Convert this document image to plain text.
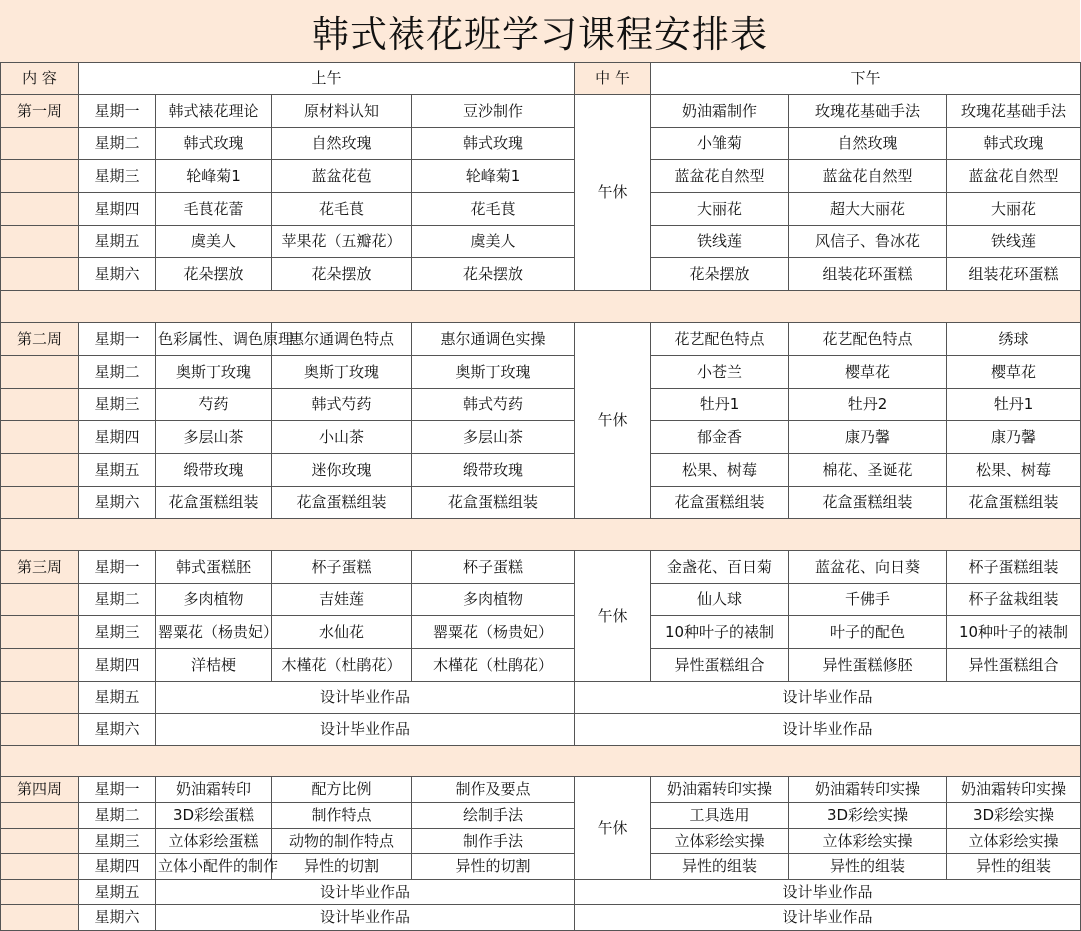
韩式裱花班学习课程安排表
内 容	上午				中 午	下午		
第一周	星期一	韩式裱花理论	原材料认知	豆沙制作	午休	奶油霜制作	玫瑰花基础手法	玫瑰花基础手法
	星期二	韩式玫瑰	自然玫瑰	韩式玫瑰		小雏菊	自然玫瑰	韩式玫瑰
	星期三	轮峰菊1	蓝盆花苞	轮峰菊1		蓝盆花自然型	蓝盆花自然型	蓝盆花自然型
	星期四	毛茛花蕾	花毛茛	花毛茛		大丽花	超大大丽花	大丽花
	星期五	虞美人	苹果花（五瓣花）	虞美人		铁线莲	风信子、鲁冰花	铁线莲
	星期六	花朵摆放	花朵摆放	花朵摆放		花朵摆放	组装花环蛋糕	组装花环蛋糕

第二周	星期一	色彩属性、调色原理	惠尔通调色特点	惠尔通调色实操	午休	花艺配色特点	花艺配色特点	绣球
	星期二	奥斯丁玫瑰	奥斯丁玫瑰	奥斯丁玫瑰		小苍兰	樱草花	樱草花
	星期三	芍药	韩式芍药	韩式芍药		牡丹1	牡丹2	牡丹1
	星期四	多层山茶	小山茶	多层山茶		郁金香	康乃馨	康乃馨
	星期五	缎带玫瑰	迷你玫瑰	缎带玫瑰		松果、树莓	棉花、圣诞花	松果、树莓
	星期六	花盒蛋糕组装	花盒蛋糕组装	花盒蛋糕组装		花盒蛋糕组装	花盒蛋糕组装	花盒蛋糕组装

第三周	星期一	韩式蛋糕胚	杯子蛋糕	杯子蛋糕	午休	金盏花、百日菊	蓝盆花、向日葵	杯子蛋糕组装
	星期二	多肉植物	吉娃莲	多肉植物		仙人球	千佛手	杯子盆栽组装
	星期三	罂粟花（杨贵妃）	水仙花	罂粟花（杨贵妃）		10种叶子的裱制	叶子的配色	10种叶子的裱制
	星期四	洋桔梗	木槿花（杜鹃花）	木槿花（杜鹃花）		异性蛋糕组合	异性蛋糕修胚	异性蛋糕组合
	星期五	设计毕业作品			设计毕业作品			
	星期六	设计毕业作品			设计毕业作品			

第四周	星期一	奶油霜转印	配方比例	制作及要点	午休	奶油霜转印实操	奶油霜转印实操	奶油霜转印实操
	星期二	3D彩绘蛋糕	制作特点	绘制手法		工具选用	3D彩绘实操	3D彩绘实操
	星期三	立体彩绘蛋糕	动物的制作特点	制作手法		立体彩绘实操	立体彩绘实操	立体彩绘实操
	星期四	立体小配件的制作	异性的切割	异性的切割		异性的组装	异性的组装	异性的组装
	星期五	设计毕业作品			设计毕业作品			
	星期六	设计毕业作品			设计毕业作品			
